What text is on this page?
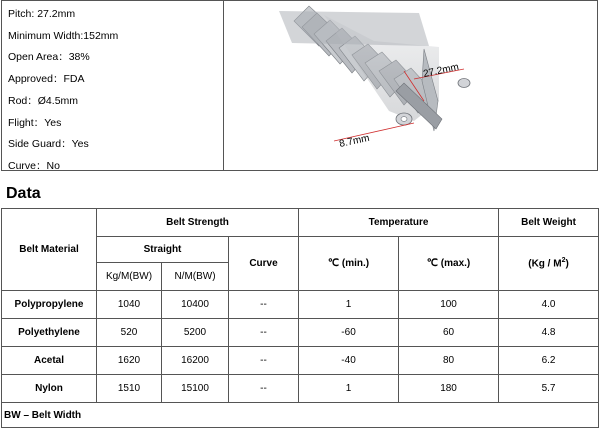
Pitch: 27.2mm
Minimum Width:152mm
Open Area：38%
Approved：FDA
Rod：Ø4.5mm
Flight：Yes
Side Guard：Yes
Curve：No
27.2mm
8.7mm
Data
Belt Material	Belt Strength			Temperature		Belt Weight
	Straight		Curve	℃ (min.)	℃ (max.)	$(Kg / M^2)$
	Kg/M(BW)	N/M(BW)				
Polypropylene	1040	10400	--	1	100	4.0
Polyethylene	520	5200	--	-60	60	4.8
Acetal	1620	16200	--	-40	80	6.2
Nylon	1510	15100	--	1	180	5.7
BW – Belt Width						
